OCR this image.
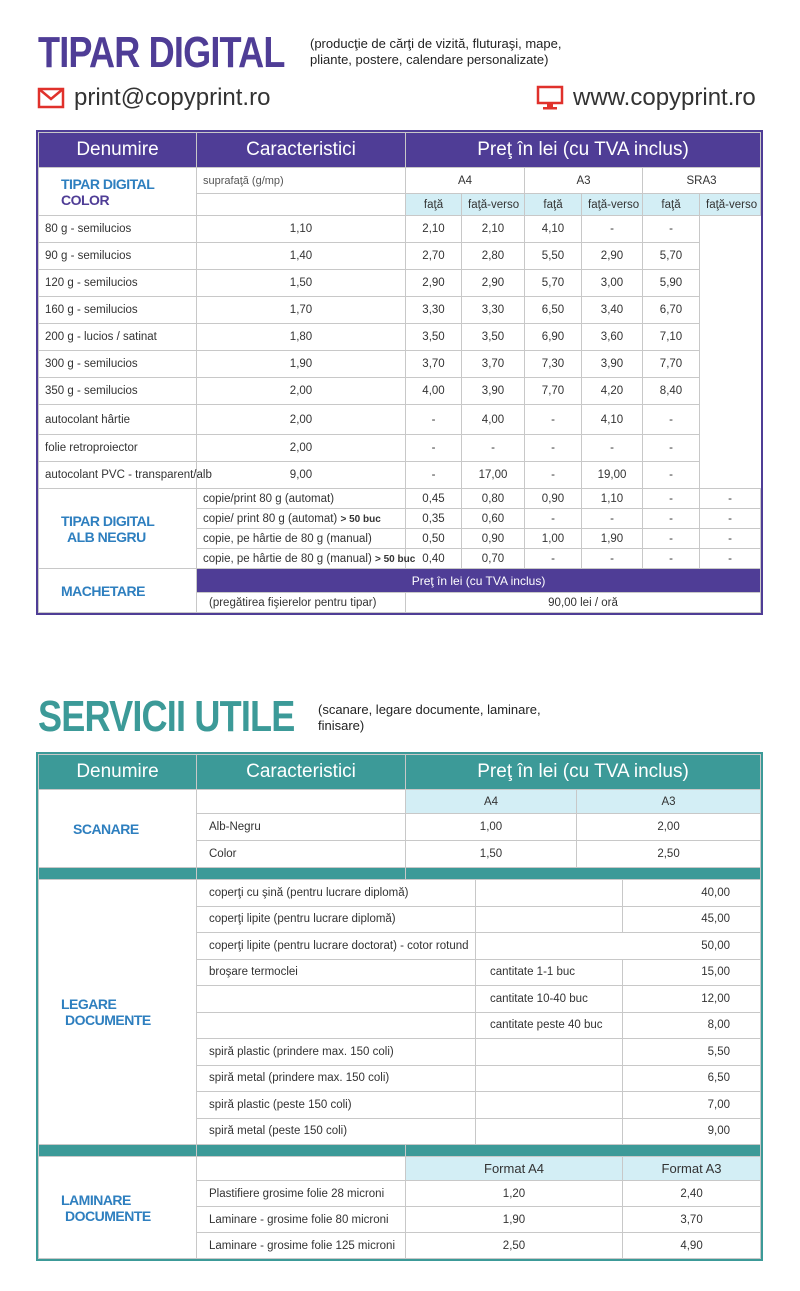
TIPAR DIGITAL (producţie de cărţi de vizită, fluturaşi, mape,
pliante, postere, calendare personalizate)
print@copyprint.ro	www.copyprint.ro
Denumire	Caracteristici	Preţ în lei (cu TVA inclus)					

TIPAR DIGITAL
COLOR	suprafaţă (g/mp)	A4		A3		SRA3	
		faţă	faţă-verso	faţă	faţă-verso	faţă	faţă-verso
80 g - semilucios	1,10	2,10	2,10	4,10	-	-	
90 g - semilucios	1,40	2,70	2,80	5,50	2,90	5,70	
120 g - semilucios	1,50	2,90	2,90	5,70	3,00	5,90	
160 g - semilucios	1,70	3,30	3,30	6,50	3,40	6,70	
200 g - lucios / satinat	1,80	3,50	3,50	6,90	3,60	7,10	
300 g - semilucios	1,90	3,70	3,70	7,30	3,90	7,70	
350 g - semilucios	2,00	4,00	3,90	7,70	4,20	8,40	
autocolant hârtie	2,00	-	4,00	-	4,10	-	
folie retroproiector	2,00	-	-	-	-	-	
autocolant PVC - transparent/alb	9,00	-	17,00	-	19,00	-	

TIPAR DIGITAL
ALB NEGRU	copie/print 80 g (automat)	0,45	0,80	0,90	1,10	-	-
	copie/ print 80 g (automat) > 50 buc	0,35	0,60	-	-	-	-
	copie, pe hârtie de 80 g (manual)	0,50	0,90	1,00	1,90	-	-
	copie, pe hârtie de 80 g (manual) > 50 buc	0,40	0,70	-	-	-	-
MACHETARE	Preţ în lei (cu TVA inclus)						
	(pregătirea fişierelor pentru tipar)	90,00 lei / oră					
SERVICII UTILE (scanare, legare documente, laminare,
finisare)
Denumire	Caracteristici	Preţ în lei (cu TVA inclus)			
SCANARE		A4		A3	
	Alb-Negru	1,00		2,00	
	Color	1,50		2,50	

LEGARE
DOCUMENTE	coperţi cu şină (pentru lucrare diplomă)				40,00
	coperţi lipite (pentru lucrare diplomă)				45,00
	coperţi lipite (pentru lucrare doctorat) - cotor rotund		50,00		
	broşare termoclei		cantitate 1-1 buc		15,00
			cantitate 10-40 buc		12,00
			cantitate peste 40 buc		8,00
	spiră plastic (prindere max. 150 coli)				5,50
	spiră metal (prindere max. 150 coli)				6,50
	spiră plastic (peste 150 coli)				7,00
	spiră metal (peste 150 coli)				9,00

LAMINARE
DOCUMENTE		Format A4			Format A3
	Plastifiere grosime folie 28 microni	1,20			2,40
	Laminare - grosime folie 80 microni	1,90			3,70
	Laminare - grosime folie 125 microni	2,50			4,90
